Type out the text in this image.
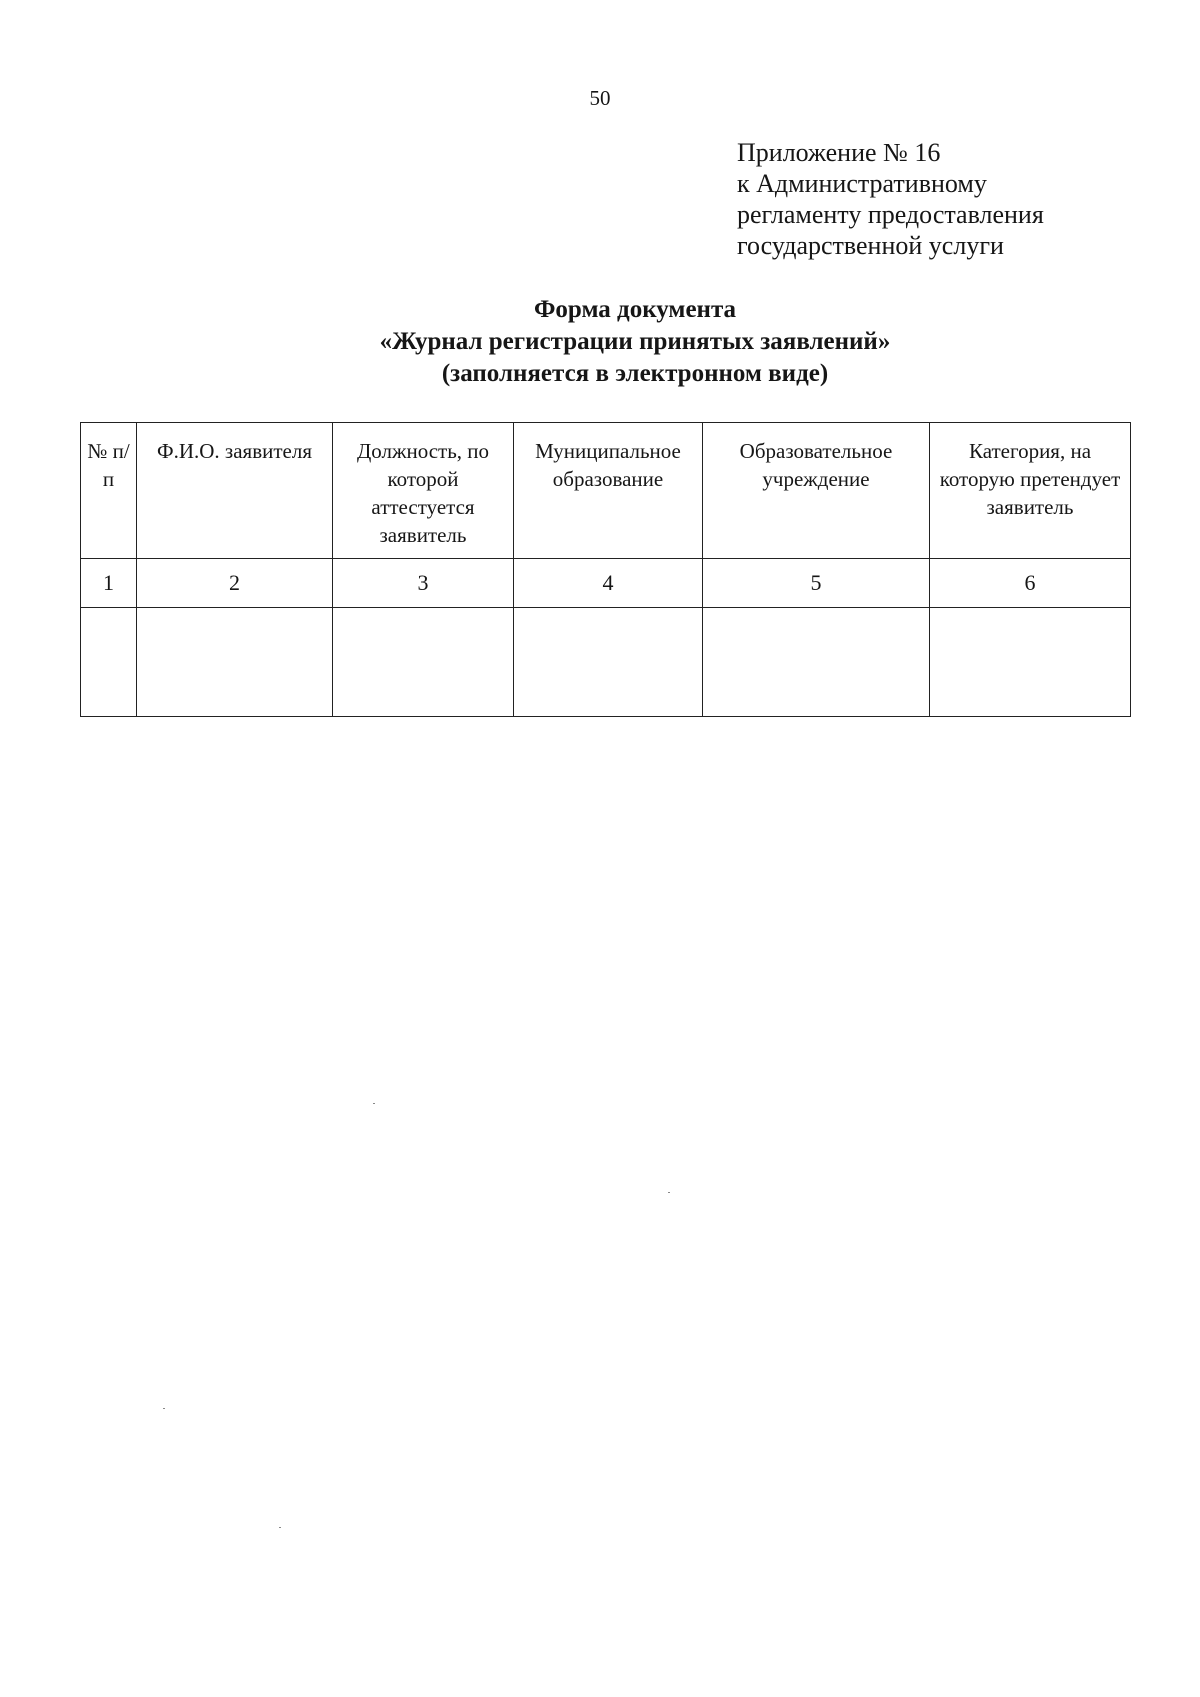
50
Приложение № 16
к Административному
регламенту предоставления
государственной услуги
Форма документа
«Журнал регистрации принятых заявлений»
(заполняется в электронном виде)
№ п/п	Ф.И.О. заявителя	Должность, по которой аттестуется заявитель	Муниципальное образование	Образовательное учреждение	Категория, на которую претендует заявитель
1	2	3	4	5	6
